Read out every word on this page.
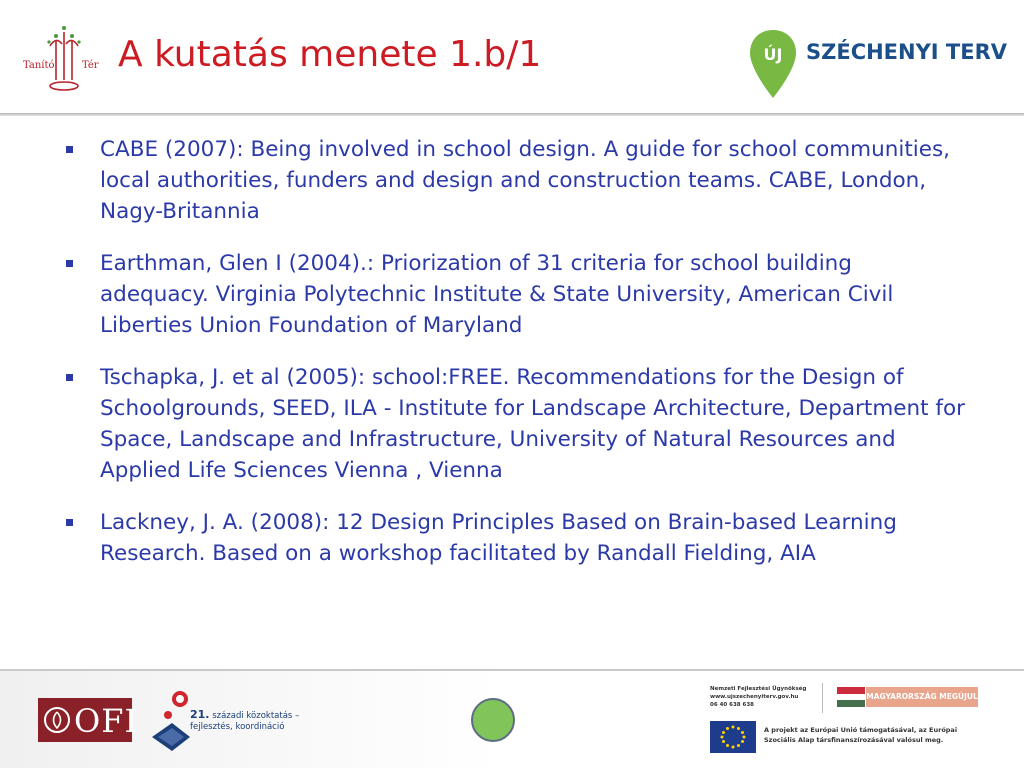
Tanító	Tér A kutatás menete 1.b/1	ÚJ SZÉCHENYI TERV
CABE (2007): Being involved in school design. A guide for school communities, local authorities, funders and design and construction teams. CABE, London, Nagy-Britannia
Earthman, Glen I (2004).: Priorization of 31 criteria for school building adequacy. Virginia Polytechnic Institute & State University, American Civil Liberties Union Foundation of Maryland
Tschapka, J. et al (2005): school:FREE. Recommendations for the Design of Schoolgrounds, SEED, ILA - Institute for Landscape Architecture, Department for Space, Landscape and Infrastructure, University of Natural Resources and Applied Life Sciences Vienna , Vienna
Lackney, J. A. (2008): 12 Design Principles Based on Brain-based Learning Research. Based on a workshop facilitated by Randall Fielding, AIA
OFI	21. századi közoktatás –
fejlesztés, koordináció
Nemzeti Fejlesztési Ügynökség
www.ujszechenyiterv.gov.hu
06 40 638 638
MAGYARORSZÁG MEGÚJUL
A projekt az Európai Unió támogatásával, az Európai
Szociális Alap társfinanszírozásával valósul meg.
